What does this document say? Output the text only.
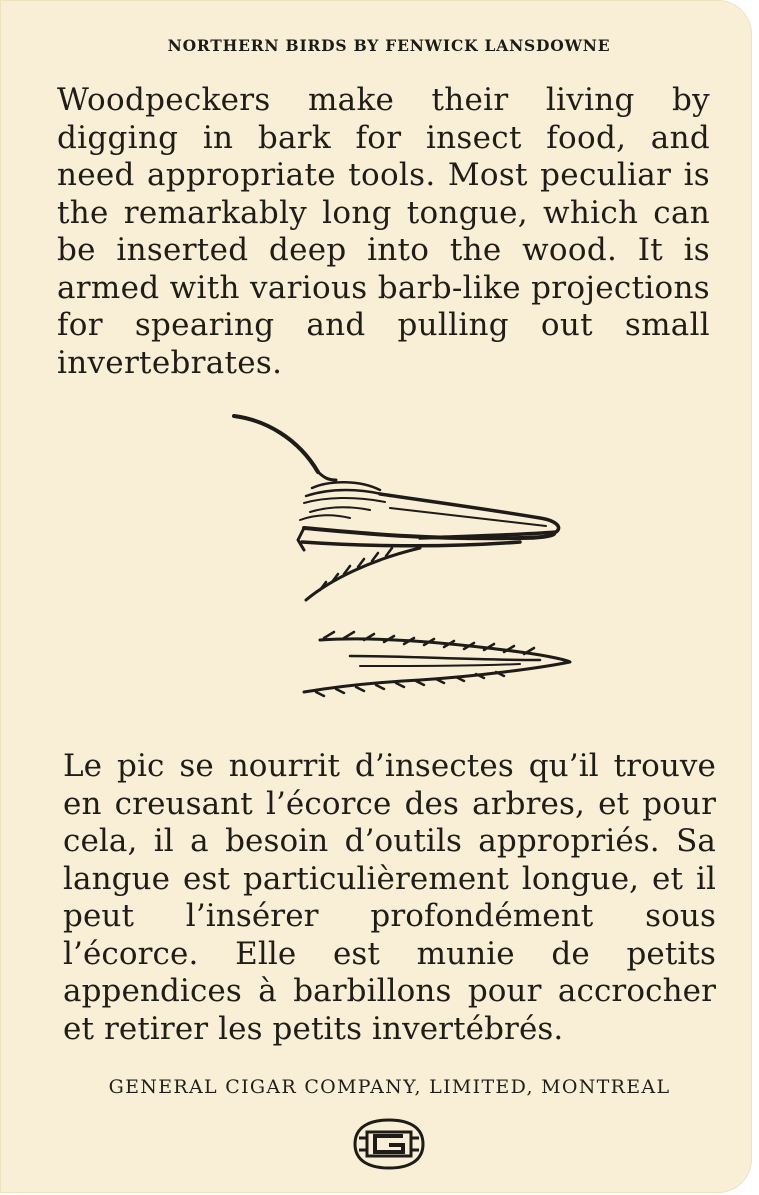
NORTHERN BIRDS BY FENWICK LANSDOWNE

Woodpeckers make their living by digging in bark for insect food, and need appropriate tools. Most peculiar is the remarkably long tongue, which can be inserted deep into the wood. It is armed with various barb-like projections for spearing and pulling out small invertebrates.

Le pic se nourrit d’insectes qu’il trouve en creusant l’écorce des arbres, et pour cela, il a besoin d’outils appropriés. Sa langue est particulièrement longue, et il peut l’insérer profondément sous l’écorce. Elle est munie de petits appendices à barbillons pour accrocher et retirer les petits invertébrés.

GENERAL CIGAR COMPANY, LIMITED, MONTREAL
